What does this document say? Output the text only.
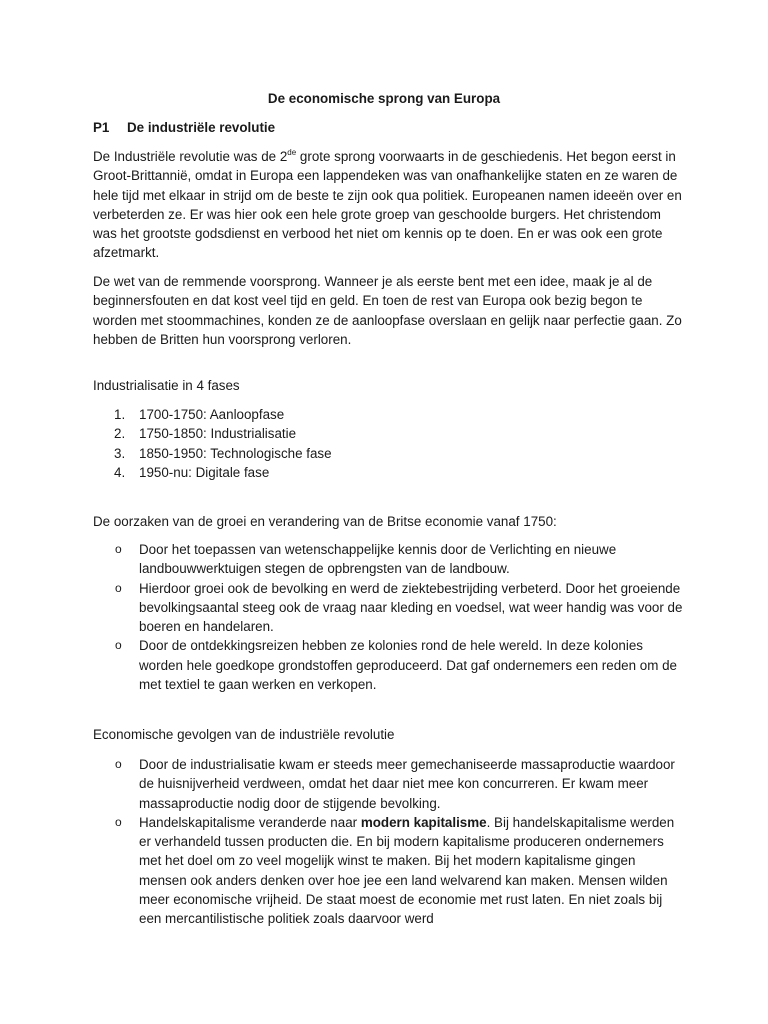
De economische sprong van Europa
P1 De industriële revolutie

De Industriële revolutie was de 2de grote sprong voorwaarts in de geschiedenis. Het begon eerst in Groot-Brittannië, omdat in Europa een lappendeken was van onafhankelijke staten en ze waren de hele tijd met elkaar in strijd om de beste te zijn ook qua politiek. Europeanen namen ideeën over en verbeterden ze. Er was hier ook een hele grote groep van geschoolde burgers. Het christendom was het grootste godsdienst en verbood het niet om kennis op te doen. En er was ook een grote afzetmarkt.

De wet van de remmende voorsprong. Wanneer je als eerste bent met een idee, maak je al de beginnersfouten en dat kost veel tijd en geld. En toen de rest van Europa ook bezig begon te worden met stoommachines, konden ze de aanloopfase overslaan en gelijk naar perfectie gaan. Zo hebben de Britten hun voorsprong verloren.

Industrialisatie in 4 fases
1. 1700-1750: Aanloopfase
2. 1750-1850: Industrialisatie
3. 1850-1950: Technologische fase
4. 1950-nu: Digitale fase
De oorzaken van de groei en verandering van de Britse economie vanaf 1750:
o Door het toepassen van wetenschappelijke kennis door de Verlichting en nieuwe landbouwwerktuigen stegen de opbrengsten van de landbouw.
o Hierdoor groei ook de bevolking en werd de ziektebestrijding verbeterd. Door het groeiende bevolkingsaantal steeg ook de vraag naar kleding en voedsel, wat weer handig was voor de boeren en handelaren.
o Door de ontdekkingsreizen hebben ze kolonies rond de hele wereld. In deze kolonies worden hele goedkope grondstoffen geproduceerd. Dat gaf ondernemers een reden om de met textiel te gaan werken en verkopen.
Economische gevolgen van de industriële revolutie
o Door de industrialisatie kwam er steeds meer gemechaniseerde massaproductie waardoor de huisnijverheid verdween, omdat het daar niet mee kon concurreren. Er kwam meer massaproductie nodig door de stijgende bevolking.
o Handelskapitalisme veranderde naar modern kapitalisme. Bij handelskapitalisme werden er verhandeld tussen producten die. En bij modern kapitalisme produceren ondernemers met het doel om zo veel mogelijk winst te maken. Bij het modern kapitalisme gingen mensen ook anders denken over hoe jee een land welvarend kan maken. Mensen wilden meer economische vrijheid. De staat moest de economie met rust laten. En niet zoals bij een mercantilistische politiek zoals daarvoor werd
